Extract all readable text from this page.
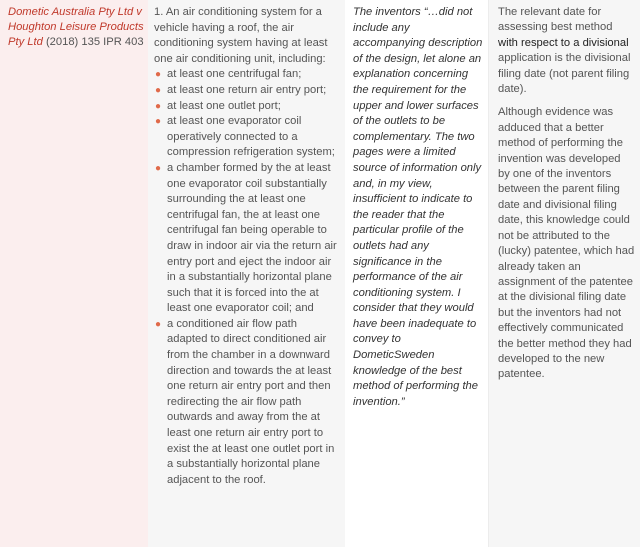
Dometic Australia Pty Ltd v Houghton Leisure Products Pty Ltd (2018) 135 IPR 403

1. An air conditioning system for a vehicle having a roof, the air conditioning system having at least one air conditioning unit, including:

● at least one centrifugal fan;
● at least one return air entry port;
● at least one outlet port;
● at least one evaporator coil operatively connected to a compression refrigeration system;
● a chamber formed by the at least one evaporator coil substantially surrounding the at least one centrifugal fan, the at least one centrifugal fan being operable to draw in indoor air via the return air entry port and eject the indoor air in a substantially horizontal plane such that it is forced into the at least one evaporator coil; and
● a conditioned air flow path adapted to direct conditioned air from the chamber in a downward direction and towards the at least one return air entry port and then redirecting the air flow path outwards and away from the at least one return air entry port to exist the at least one outlet port in a substantially horizontal plane adjacent to the roof.
The inventors “…did not include any accompanying description of the design, let alone an explanation concerning the requirement for the upper and lower surfaces of the outlets to be complementary. The two pages were a limited source of information only and, in my view, insufficient to indicate to the reader that the particular profile of the outlets had any significance in the performance of the air conditioning system. I consider that they would have been inadequate to convey to DometicSweden knowledge of the best method of performing the invention.”

The relevant date for assessing best method with respect to a divisional application is the divisional filing date (not parent filing date).

Although evidence was adduced that a better method of performing the invention was developed by one of the inventors between the parent filing date and divisional filing date, this knowledge could not be attributed to the (lucky) patentee, which had already taken an assignment of the patentee at the divisional filing date but the inventors had not effectively communicated the better method they had developed to the new patentee.
